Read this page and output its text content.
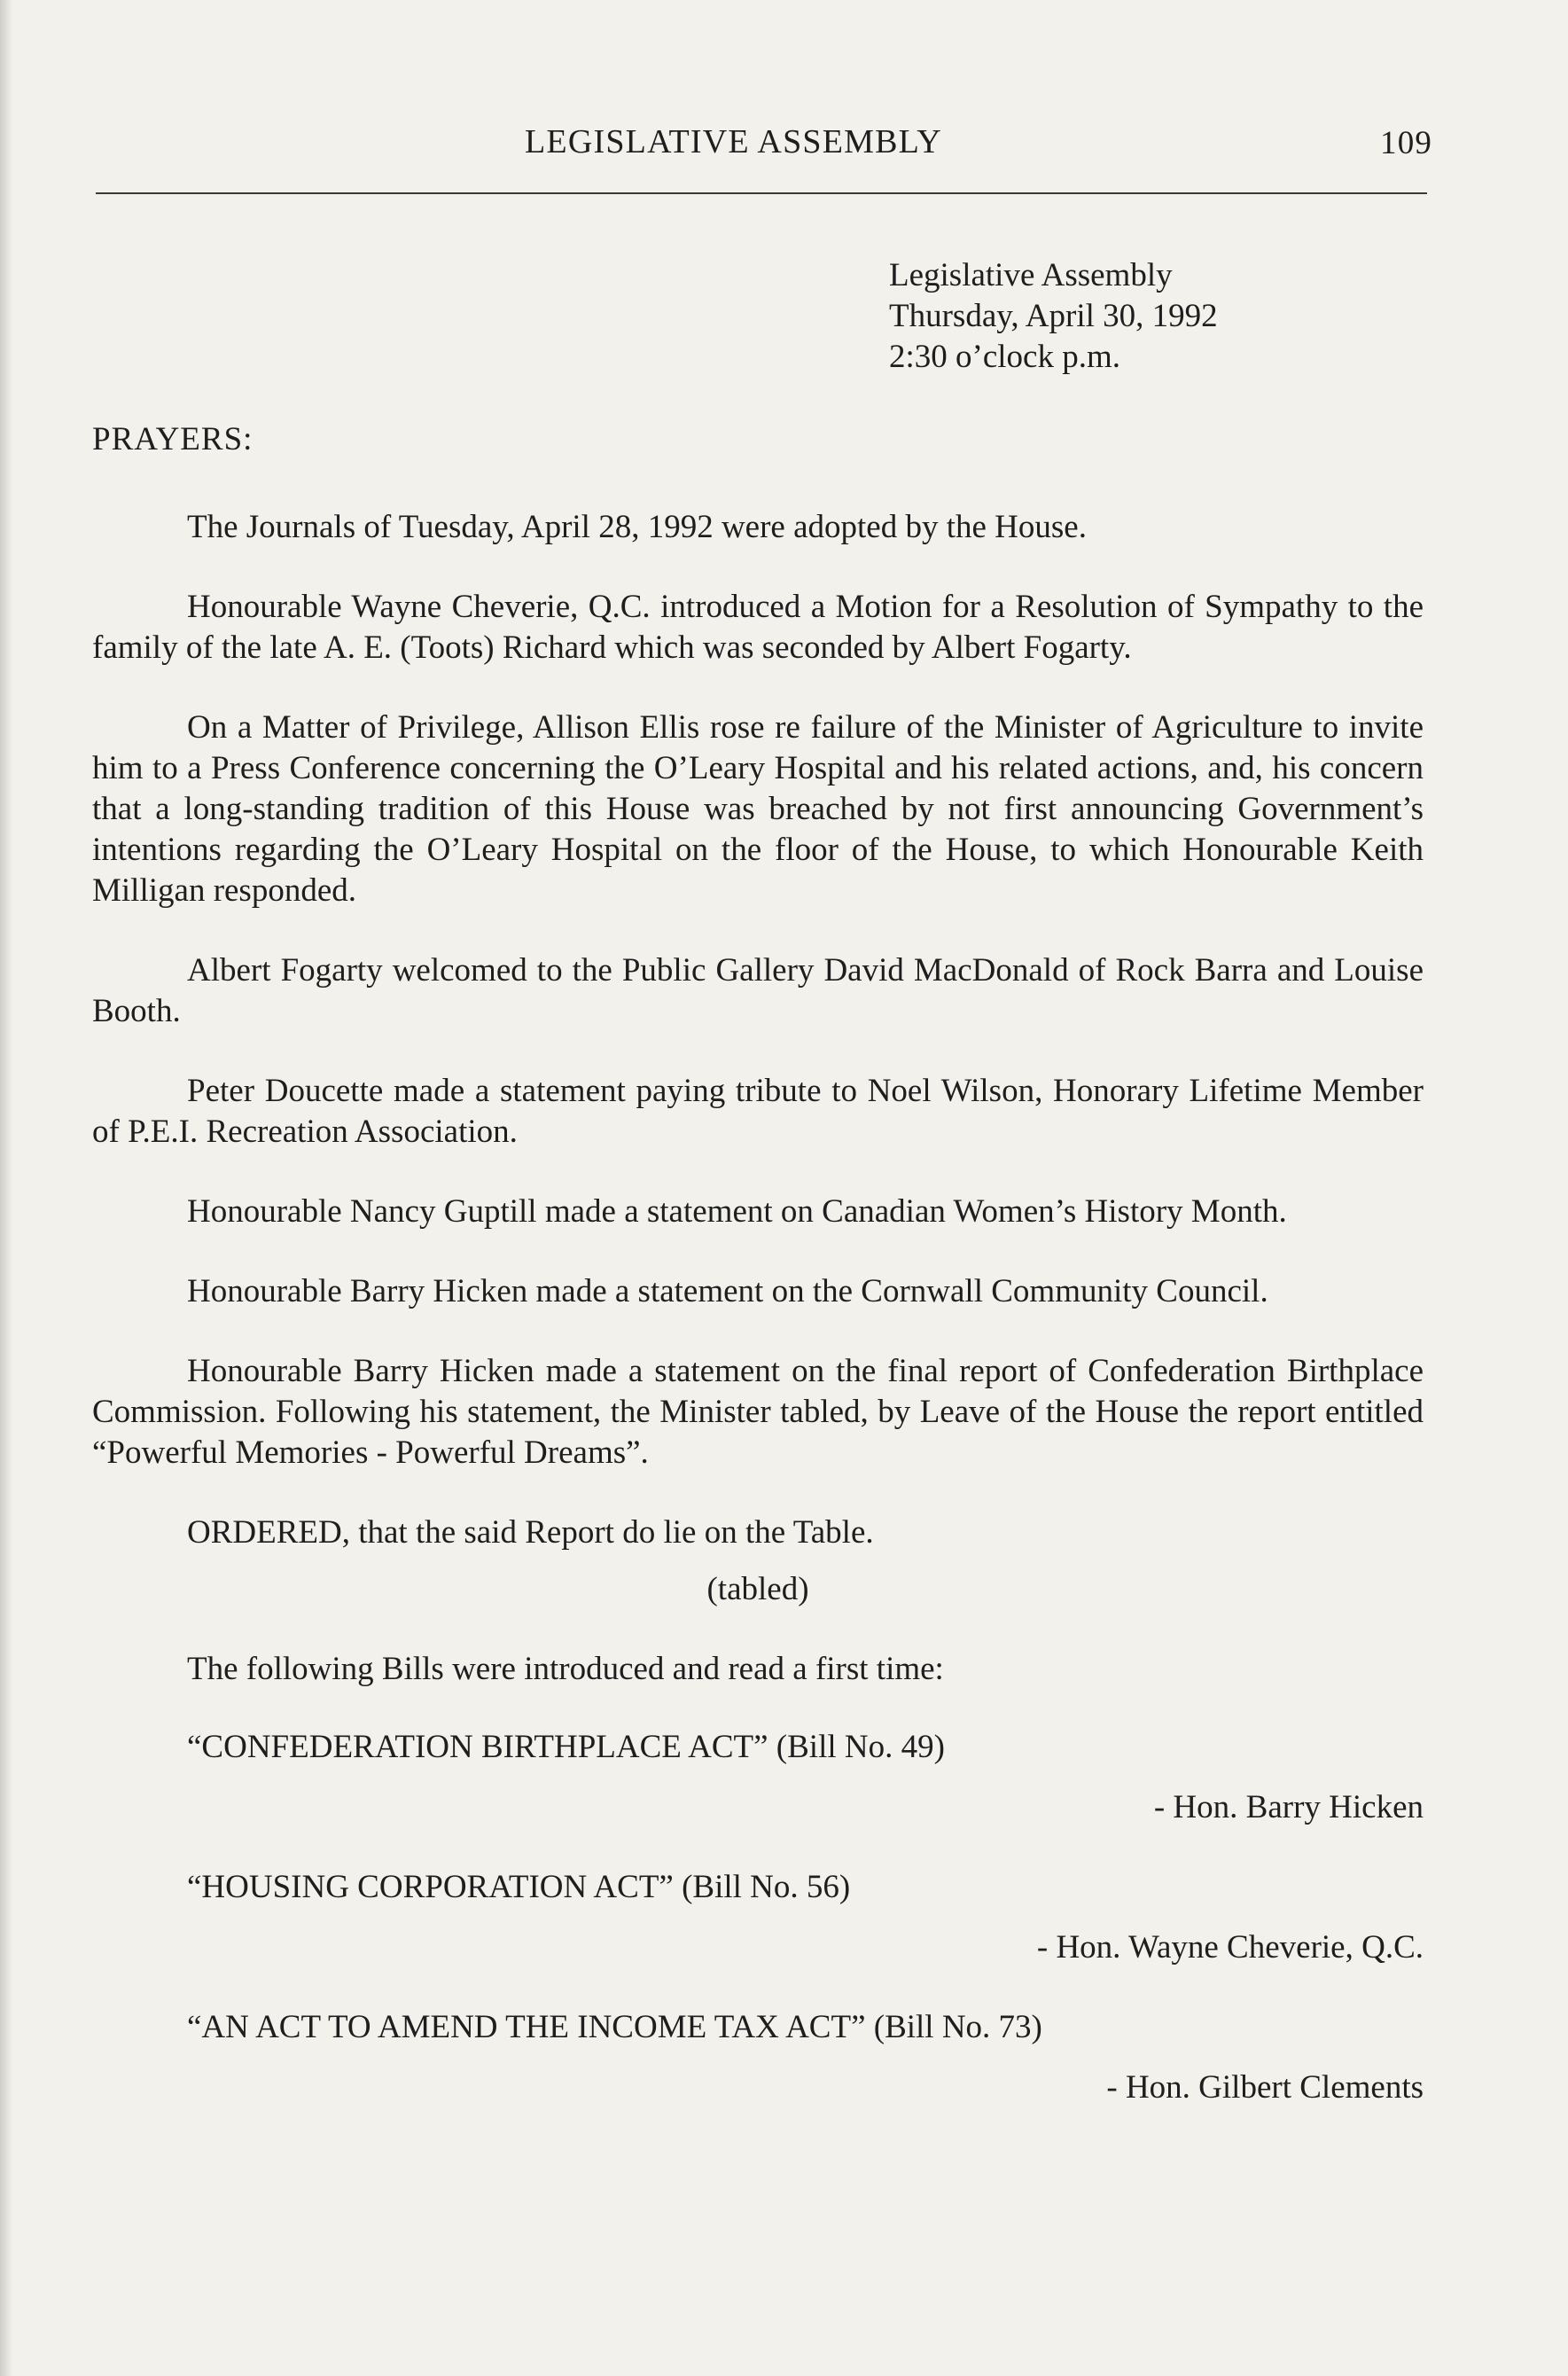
LEGISLATIVE ASSEMBLY	109
Legislative Assembly
Thursday, April 30, 1992
2:30 o’clock p.m.
PRAYERS:

The Journals of Tuesday, April 28, 1992 were adopted by the House.

Honourable Wayne Cheverie, Q.C. introduced a Motion for a Resolution of Sympathy to the family of the late A. E. (Toots) Richard which was seconded by Albert Fogarty.

On a Matter of Privilege, Allison Ellis rose re failure of the Minister of Agriculture to invite him to a Press Conference concerning the O’Leary Hospital and his related actions, and, his concern that a long-standing tradition of this House was breached by not first announcing Government’s intentions regarding the O’Leary Hospital on the floor of the House, to which Honourable Keith Milligan responded.

Albert Fogarty welcomed to the Public Gallery David MacDonald of Rock Barra and Louise Booth.

Peter Doucette made a statement paying tribute to Noel Wilson, Honorary Lifetime Member of P.E.I. Recreation Association.

Honourable Nancy Guptill made a statement on Canadian Women’s History Month.

Honourable Barry Hicken made a statement on the Cornwall Community Council.

Honourable Barry Hicken made a statement on the final report of Confederation Birthplace Commission. Following his statement, the Minister tabled, by Leave of the House the report entitled “Powerful Memories - Powerful Dreams”.

ORDERED, that the said Report do lie on the Table.

(tabled)

The following Bills were introduced and read a first time:

“CONFEDERATION BIRTHPLACE ACT” (Bill No. 49)

- Hon. Barry Hicken

“HOUSING CORPORATION ACT” (Bill No. 56)

- Hon. Wayne Cheverie, Q.C.

“AN ACT TO AMEND THE INCOME TAX ACT” (Bill No. 73)

- Hon. Gilbert Clements
